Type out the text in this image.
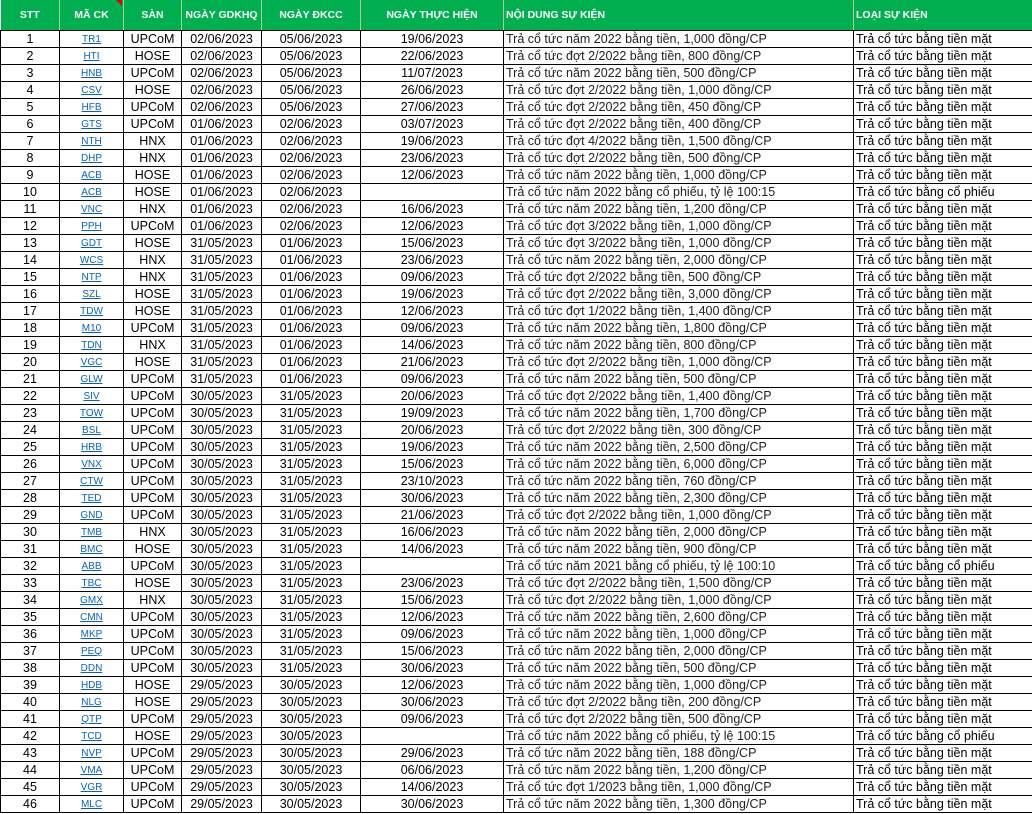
STT	MÃ CK	SÀN	NGÀY GDKHQ	NGÀY ĐKCC	NGÀY THỰC HIỆN	NỘI DUNG SỰ KIỆN	LOẠI SỰ KIỆN
1	TR1	UPCoM	02/06/2023	05/06/2023	19/06/2023	Trả cổ tức năm 2022 bằng tiền, 1,000 đồng/CP	Trả cổ tức bằng tiền mặt
2	HTI	HOSE	02/06/2023	05/06/2023	22/06/2023	Trả cổ tức đợt 2/2022 bằng tiền, 800 đồng/CP	Trả cổ tức bằng tiền mặt
3	HNB	UPCoM	02/06/2023	05/06/2023	11/07/2023	Trả cổ tức năm 2022 bằng tiền, 500 đồng/CP	Trả cổ tức bằng tiền mặt
4	CSV	HOSE	02/06/2023	05/06/2023	26/06/2023	Trả cổ tức đợt 2/2022 bằng tiền, 1,000 đồng/CP	Trả cổ tức bằng tiền mặt
5	HFB	UPCoM	02/06/2023	05/06/2023	27/06/2023	Trả cổ tức đợt 2/2022 bằng tiền, 450 đồng/CP	Trả cổ tức bằng tiền mặt
6	GTS	UPCoM	01/06/2023	02/06/2023	03/07/2023	Trả cổ tức đợt 2/2022 bằng tiền, 400 đồng/CP	Trả cổ tức bằng tiền mặt
7	NTH	HNX	01/06/2023	02/06/2023	19/06/2023	Trả cổ tức đợt 4/2022 bằng tiền, 1,500 đồng/CP	Trả cổ tức bằng tiền mặt
8	DHP	HNX	01/06/2023	02/06/2023	23/06/2023	Trả cổ tức đợt 2/2022 bằng tiền, 500 đồng/CP	Trả cổ tức bằng tiền mặt
9	ACB	HOSE	01/06/2023	02/06/2023	12/06/2023	Trả cổ tức năm 2022 bằng tiền, 1,000 đồng/CP	Trả cổ tức bằng tiền mặt
10	ACB	HOSE	01/06/2023	02/06/2023		Trả cổ tức năm 2022 bằng cổ phiếu, tỷ lệ 100:15	Trả cổ tức bằng cổ phiếu
11	VNC	HNX	01/06/2023	02/06/2023	16/06/2023	Trả cổ tức năm 2022 bằng tiền, 1,200 đồng/CP	Trả cổ tức bằng tiền mặt
12	PPH	UPCoM	01/06/2023	02/06/2023	12/06/2023	Trả cổ tức đợt 3/2022 bằng tiền, 1,000 đồng/CP	Trả cổ tức bằng tiền mặt
13	GDT	HOSE	31/05/2023	01/06/2023	15/06/2023	Trả cổ tức đợt 3/2022 bằng tiền, 1,000 đồng/CP	Trả cổ tức bằng tiền mặt
14	WCS	HNX	31/05/2023	01/06/2023	23/06/2023	Trả cổ tức năm 2022 bằng tiền, 2,000 đồng/CP	Trả cổ tức bằng tiền mặt
15	NTP	HNX	31/05/2023	01/06/2023	09/06/2023	Trả cổ tức đợt 2/2022 bằng tiền, 500 đồng/CP	Trả cổ tức bằng tiền mặt
16	SZL	HOSE	31/05/2023	01/06/2023	19/06/2023	Trả cổ tức đợt 2/2022 bằng tiền, 3,000 đồng/CP	Trả cổ tức bằng tiền mặt
17	TDW	HOSE	31/05/2023	01/06/2023	12/06/2023	Trả cổ tức đợt 1/2022 bằng tiền, 1,400 đồng/CP	Trả cổ tức bằng tiền mặt
18	M10	UPCoM	31/05/2023	01/06/2023	09/06/2023	Trả cổ tức năm 2022 bằng tiền, 1,800 đồng/CP	Trả cổ tức bằng tiền mặt
19	TDN	HNX	31/05/2023	01/06/2023	14/06/2023	Trả cổ tức năm 2022 bằng tiền, 800 đồng/CP	Trả cổ tức bằng tiền mặt
20	VGC	HOSE	31/05/2023	01/06/2023	21/06/2023	Trả cổ tức đợt 2/2022 bằng tiền, 1,000 đồng/CP	Trả cổ tức bằng tiền mặt
21	GLW	UPCoM	31/05/2023	01/06/2023	09/06/2023	Trả cổ tức năm 2022 bằng tiền, 500 đồng/CP	Trả cổ tức bằng tiền mặt
22	SIV	UPCoM	30/05/2023	31/05/2023	20/06/2023	Trả cổ tức đợt 2/2022 bằng tiền, 1,400 đồng/CP	Trả cổ tức bằng tiền mặt
23	TOW	UPCoM	30/05/2023	31/05/2023	19/09/2023	Trả cổ tức năm 2022 bằng tiền, 1,700 đồng/CP	Trả cổ tức bằng tiền mặt
24	BSL	UPCoM	30/05/2023	31/05/2023	20/06/2023	Trả cổ tức đợt 2/2022 bằng tiền, 300 đồng/CP	Trả cổ tức bằng tiền mặt
25	HRB	UPCoM	30/05/2023	31/05/2023	19/06/2023	Trả cổ tức năm 2022 bằng tiền, 2,500 đồng/CP	Trả cổ tức bằng tiền mặt
26	VNX	UPCoM	30/05/2023	31/05/2023	15/06/2023	Trả cổ tức năm 2022 bằng tiền, 6,000 đồng/CP	Trả cổ tức bằng tiền mặt
27	CTW	UPCoM	30/05/2023	31/05/2023	23/10/2023	Trả cổ tức năm 2022 bằng tiền, 760 đồng/CP	Trả cổ tức bằng tiền mặt
28	TED	UPCoM	30/05/2023	31/05/2023	30/06/2023	Trả cổ tức năm 2022 bằng tiền, 2,300 đồng/CP	Trả cổ tức bằng tiền mặt
29	GND	UPCoM	30/05/2023	31/05/2023	21/06/2023	Trả cổ tức đợt 2/2022 bằng tiền, 1,000 đồng/CP	Trả cổ tức bằng tiền mặt
30	TMB	HNX	30/05/2023	31/05/2023	16/06/2023	Trả cổ tức năm 2022 bằng tiền, 2,000 đồng/CP	Trả cổ tức bằng tiền mặt
31	BMC	HOSE	30/05/2023	31/05/2023	14/06/2023	Trả cổ tức năm 2022 bằng tiền, 900 đồng/CP	Trả cổ tức bằng tiền mặt
32	ABB	UPCoM	30/05/2023	31/05/2023		Trả cổ tức năm 2021 bằng cổ phiếu, tỷ lệ 100:10	Trả cổ tức bằng cổ phiếu
33	TBC	HOSE	30/05/2023	31/05/2023	23/06/2023	Trả cổ tức đợt 2/2022 bằng tiền, 1,500 đồng/CP	Trả cổ tức bằng tiền mặt
34	GMX	HNX	30/05/2023	31/05/2023	15/06/2023	Trả cổ tức đợt 2/2022 bằng tiền, 1,000 đồng/CP	Trả cổ tức bằng tiền mặt
35	CMN	UPCoM	30/05/2023	31/05/2023	12/06/2023	Trả cổ tức năm 2022 bằng tiền, 2,600 đồng/CP	Trả cổ tức bằng tiền mặt
36	MKP	UPCoM	30/05/2023	31/05/2023	09/06/2023	Trả cổ tức năm 2022 bằng tiền, 1,000 đồng/CP	Trả cổ tức bằng tiền mặt
37	PEQ	UPCoM	30/05/2023	31/05/2023	15/06/2023	Trả cổ tức năm 2022 bằng tiền, 2,000 đồng/CP	Trả cổ tức bằng tiền mặt
38	DDN	UPCoM	30/05/2023	31/05/2023	30/06/2023	Trả cổ tức năm 2022 bằng tiền, 500 đồng/CP	Trả cổ tức bằng tiền mặt
39	HDB	HOSE	29/05/2023	30/05/2023	12/06/2023	Trả cổ tức năm 2022 bằng tiền, 1,000 đồng/CP	Trả cổ tức bằng tiền mặt
40	NLG	HOSE	29/05/2023	30/05/2023	30/06/2023	Trả cổ tức đợt 2/2022 bằng tiền, 200 đồng/CP	Trả cổ tức bằng tiền mặt
41	QTP	UPCoM	29/05/2023	30/05/2023	09/06/2023	Trả cổ tức đợt 2/2022 bằng tiền, 500 đồng/CP	Trả cổ tức bằng tiền mặt
42	TCD	HOSE	29/05/2023	30/05/2023		Trả cổ tức năm 2022 bằng cổ phiếu, tỷ lệ 100:15	Trả cổ tức bằng cổ phiếu
43	NVP	UPCoM	29/05/2023	30/05/2023	29/06/2023	Trả cổ tức năm 2022 bằng tiền, 188 đồng/CP	Trả cổ tức bằng tiền mặt
44	VMA	UPCoM	29/05/2023	30/05/2023	06/06/2023	Trả cổ tức năm 2022 bằng tiền, 1,200 đồng/CP	Trả cổ tức bằng tiền mặt
45	VGR	UPCoM	29/05/2023	30/05/2023	14/06/2023	Trả cổ tức đợt 1/2023 bằng tiền, 1,000 đồng/CP	Trả cổ tức bằng tiền mặt
46	MLC	UPCoM	29/05/2023	30/05/2023	30/06/2023	Trả cổ tức năm 2022 bằng tiền, 1,300 đồng/CP	Trả cổ tức bằng tiền mặt
